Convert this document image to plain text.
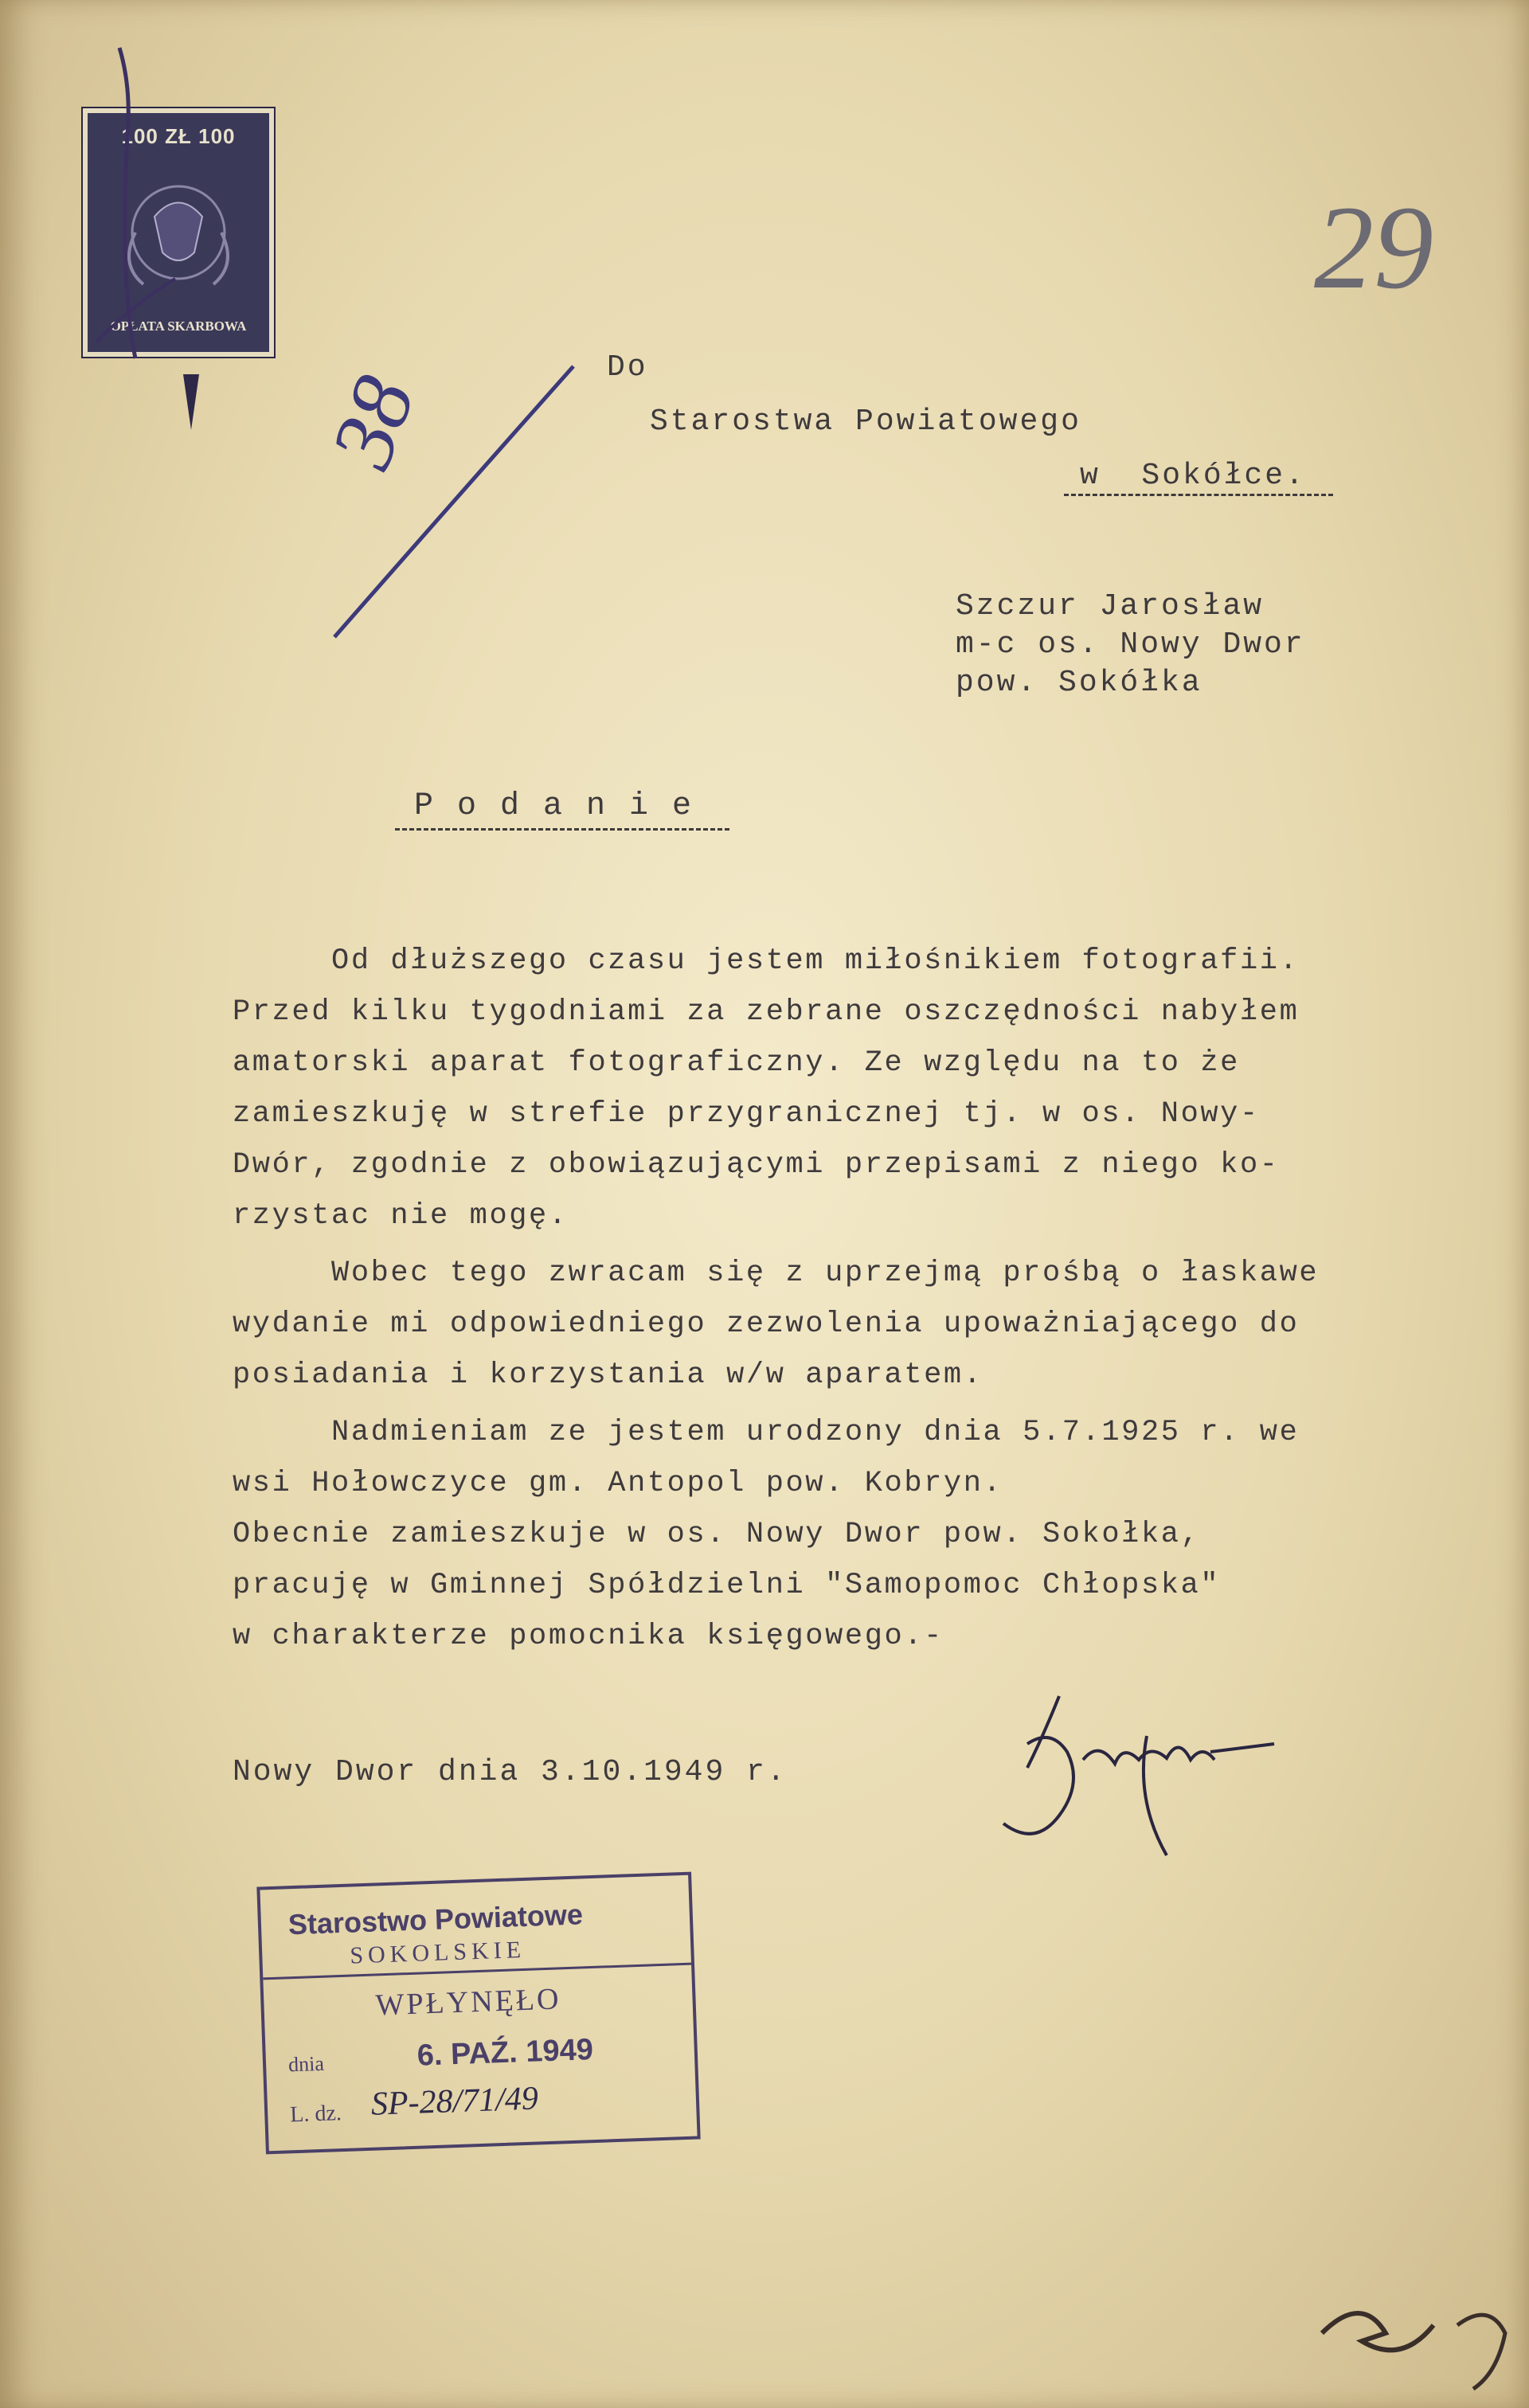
100 ZŁ 100
OPŁATA SKARBOWA
29
38	Do
Starostwa Powiatowego
w  Sokółce.
Szczur Jarosław
m-c os. Nowy Dwor
pow. Sokółka
P o d a n i e
Od dłuższego czasu jestem miłośnikiem fotografii.
Przed kilku tygodniami za zebrane oszczędności nabyłem
amatorski aparat fotograficzny. Ze względu na to że
zamieszkuję w strefie przygranicznej tj. w os. Nowy-
Dwór, zgodnie z obowiązującymi przepisami z niego ko-
rzystac nie mogę.
Wobec tego zwracam się z uprzejmą prośbą o łaskawe
wydanie mi odpowiedniego zezwolenia upoważniającego do
posiadania i korzystania w/w aparatem.
Nadmieniam ze jestem urodzony dnia 5.7.1925 r. we
wsi Hołowczyce gm. Antopol pow. Kobryn.
Obecnie zamieszkuje w os. Nowy Dwor pow. Sokołka,
pracuję w Gminnej Spółdzielni "Samopomoc Chłopska"
w charakterze pomocnika księgowego.-
Nowy Dwor dnia 3.10.1949 r.
Starostwo Powiatowe
SOKOLSKIE
WPŁYNĘŁO
dnia	6. PAŹ. 1949
L. dz. SP-28/71/49
